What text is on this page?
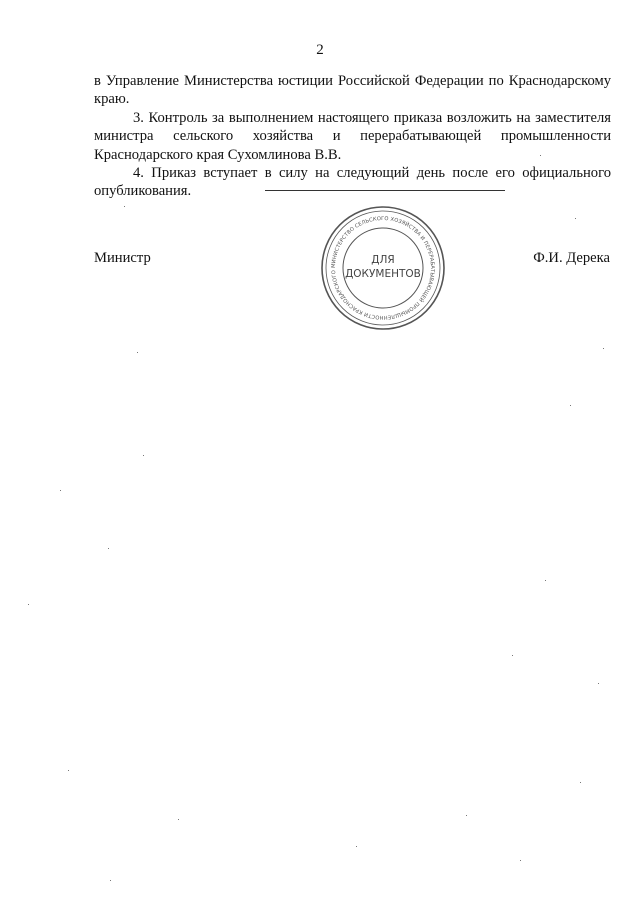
2

в Управление Министерства юстиции Российской Федерации по Краснодарскому краю.

3. Контроль за выполнением настоящего приказа возложить на заместителя министра сельского хозяйства и перерабатывающей промышленности Краснодарского края Сухомлинова В.В.

4. Приказ вступает в силу на следующий день после его официального опубликования.

Министр	Ф.И. Дерека
МИНИСТЕРСТВО СЕЛЬСКОГО ХОЗЯЙСТВА И ПЕРЕРАБАТЫВАЮЩЕЙ ПРОМЫШЛЕННОСТИ КРАСНОДАРСКОГО
ДЛЯ
ДОКУМЕНТОВ
